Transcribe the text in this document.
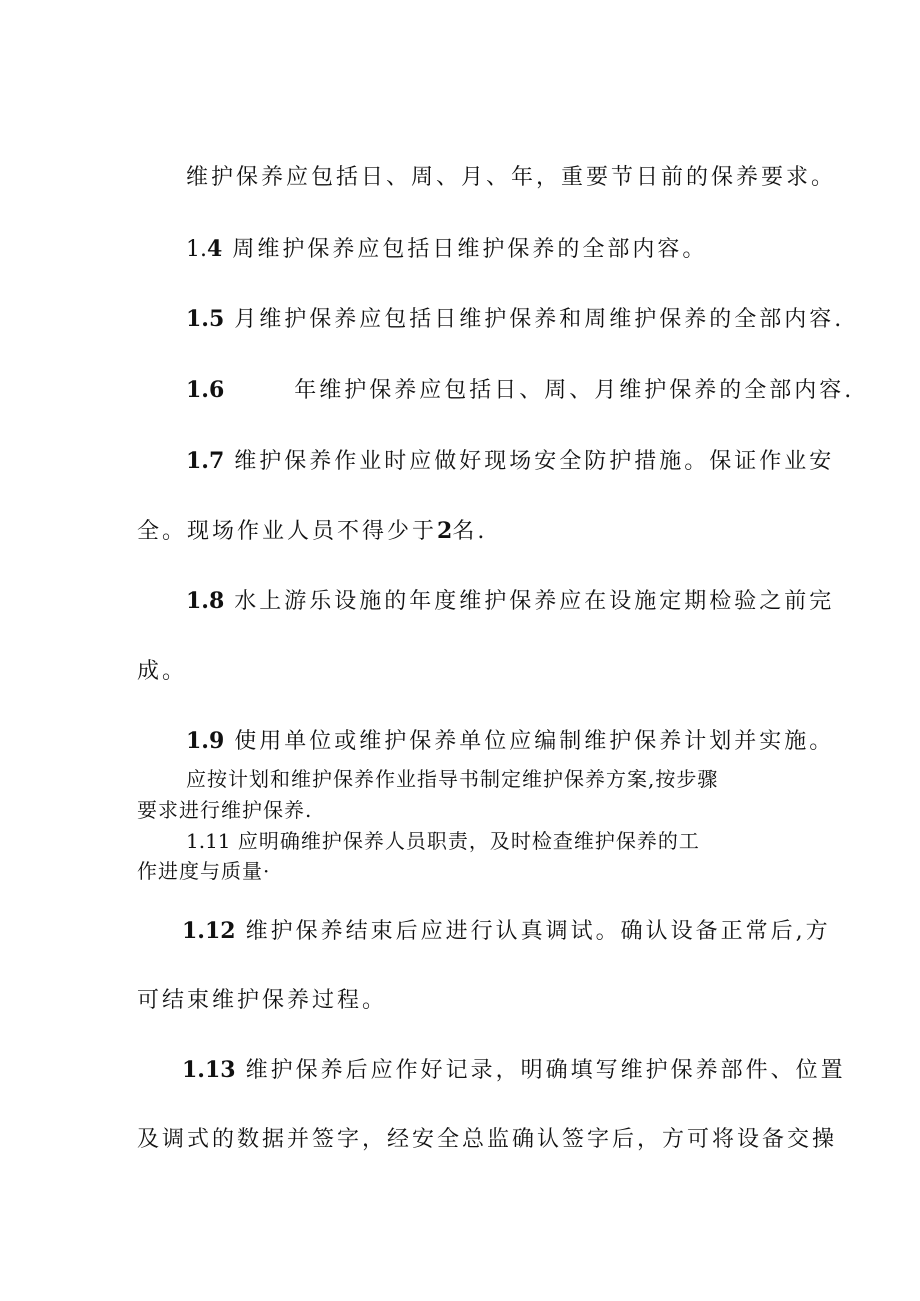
维护保养应包括日、周、月、年，重要节日前的保养要求。
1.4 周维护保养应包括日维护保养的全部内容。
1.5 月维护保养应包括日维护保养和周维护保养的全部内容.
1.6	年维护保养应包括日、周、月维护保养的全部内容.
1.7 维护保养作业时应做好现场安全防护措施。保证作业安
全。现场作业人员不得少于2名.
1.8 水上游乐设施的年度维护保养应在设施定期检验之前完
成。
1.9 使用单位或维护保养单位应编制维护保养计划并实施。
应按计划和维护保养作业指导书制定维护保养方案,按步骤
要求进行维护保养.
1.11 应明确维护保养人员职责，及时检查维护保养的工
作进度与质量·
1.12 维护保养结束后应进行认真调试。确认设备正常后,方
可结束维护保养过程。
1.13 维护保养后应作好记录，明确填写维护保养部件、位置
及调式的数据并签字，经安全总监确认签字后，方可将设备交操
